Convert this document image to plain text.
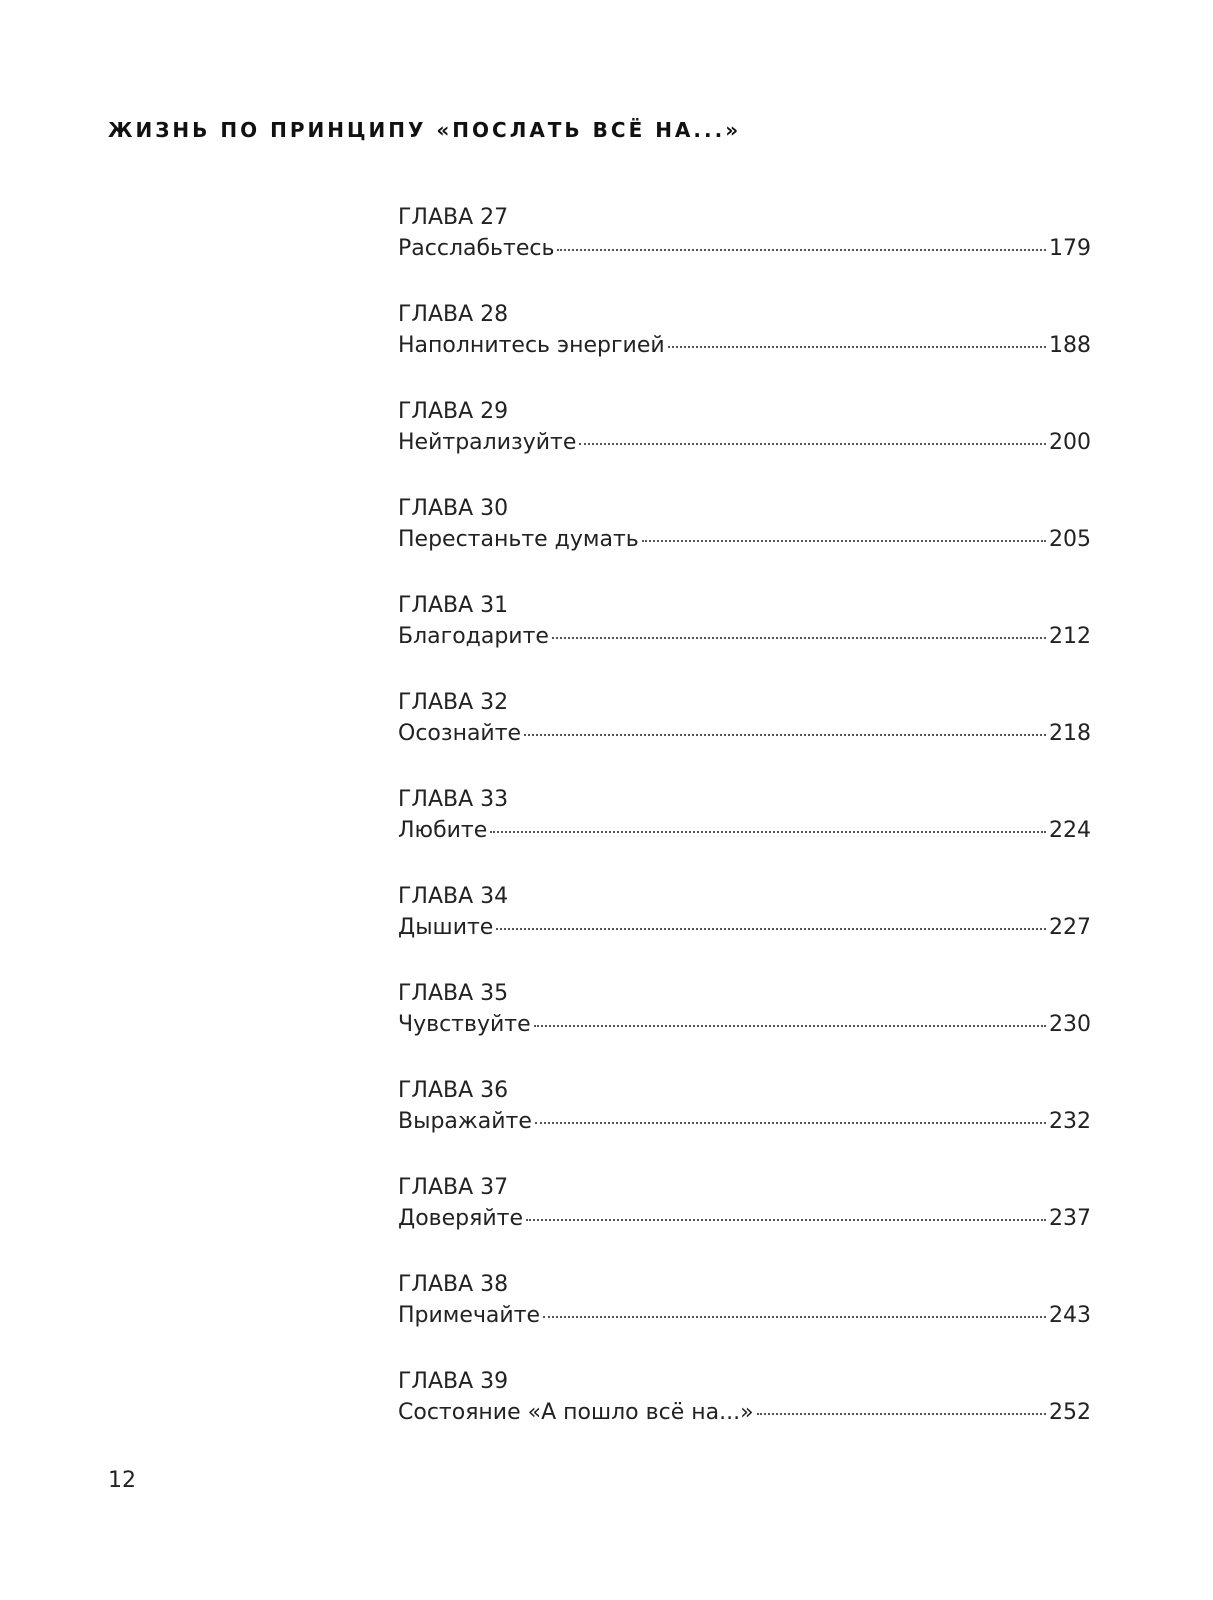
ЖИЗНЬ ПО ПРИНЦИПУ «ПОСЛАТЬ ВСЁ НА...»
ГЛАВА 27
Расслабьтесь	179
ГЛАВА 28
Наполнитесь энергией	188
ГЛАВА 29
Нейтрализуйте	200
ГЛАВА 30
Перестаньте думать	205
ГЛАВА 31
Благодарите	212
ГЛАВА 32
Осознайте	218
ГЛАВА 33
Любите	224
ГЛАВА 34
Дышите	227
ГЛАВА 35
Чувствуйте	230
ГЛАВА 36
Выражайте	232
ГЛАВА 37
Доверяйте	237
ГЛАВА 38
Примечайте	243
ГЛАВА 39
Состояние «А пошло всё на...»	252
12
